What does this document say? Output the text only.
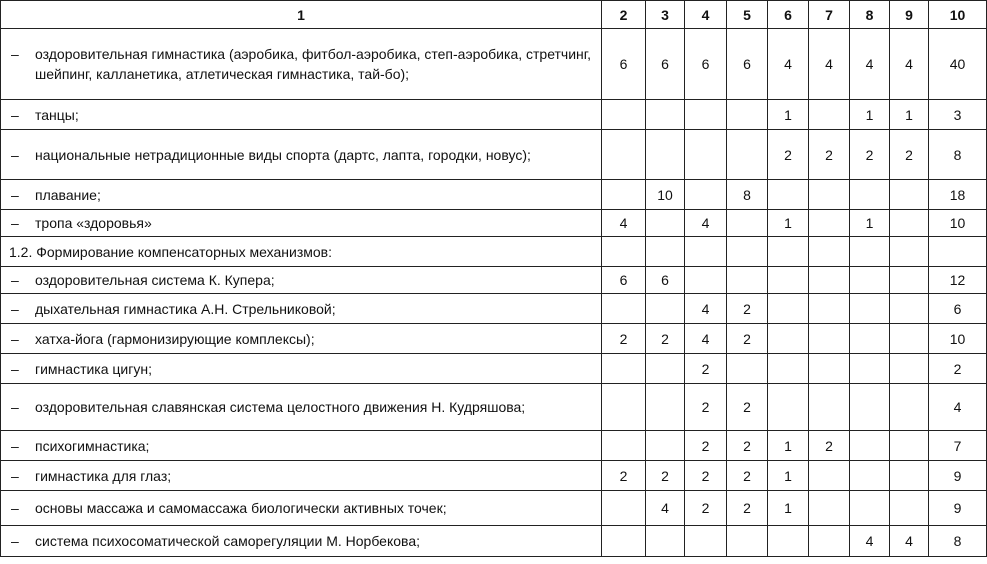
1	2	3	4	5	6	7	8	9	10

– оздоровительная гимнастика (аэробика, фитбол-аэробика, степ-аэробика, стретчинг, шейпинг, калланетика, атлетическая гимнастика, тай-бо);	6	6	6	6	4	4	4	4	40

– танцы;					1		1	1	3

– национальные нетрадиционные виды спорта (дартс, лапта, городки, новус);					2	2	2	2	8

– плавание;		10		8					18

– тропа «здоровья»	4		4		1		1		10
1.2. Формирование компенсаторных механизмов:									

– оздоровительная система К. Купера;	6	6							12

– дыхательная гимнастика А.Н. Стрельниковой;			4	2					6

– хатха-йога (гармонизирующие комплексы);	2	2	4	2					10

– гимнастика цигун;			2						2

– оздоровительная славянская система целостного движения Н. Кудряшова;			2	2					4

– психогимнастика;			2	2	1	2			7

– гимнастика для глаз;	2	2	2	2	1				9

– основы массажа и самомассажа биологически активных точек;		4	2	2	1				9

– система психосоматической саморегуляции М. Норбекова;							4	4	8
